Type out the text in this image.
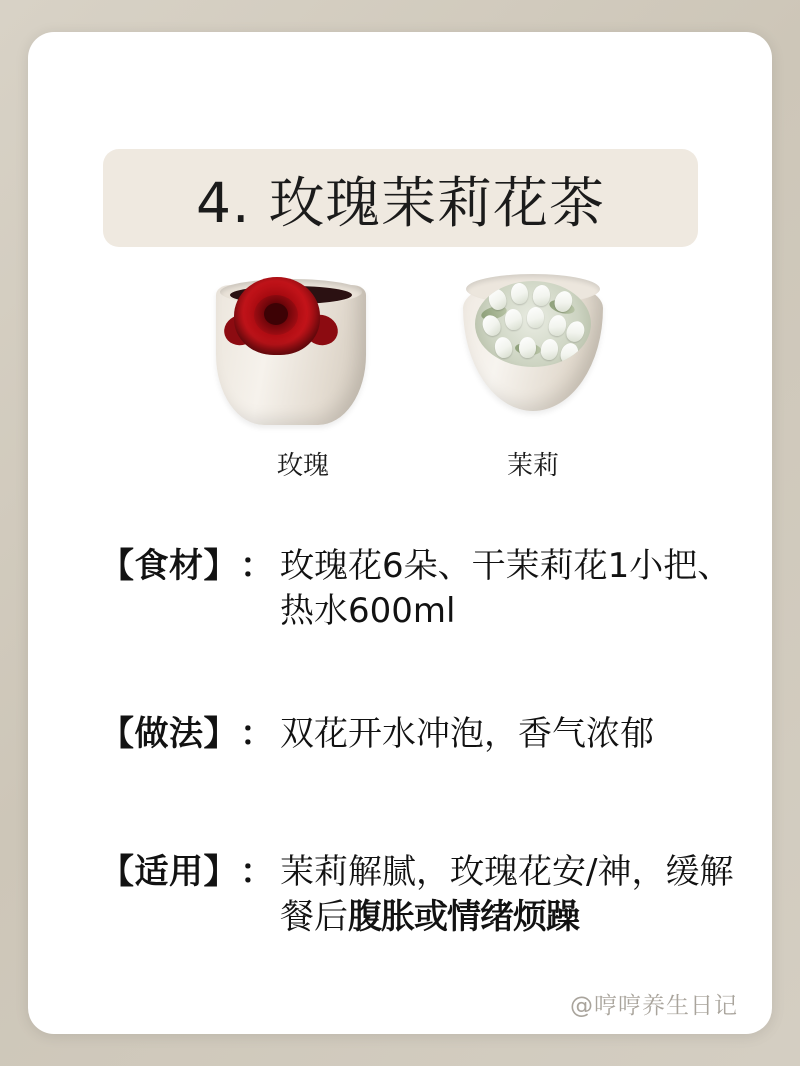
4. 玫瑰茉莉花茶
玫瑰	茉莉
【食材】 ： 玫瑰花6朵、干茉莉花1小把、
热水600ml
【做法】 ： 双花开水冲泡，香气浓郁
【适用】 ： 茉莉解腻，玫瑰花安/神，缓解
餐后腹胀或情绪烦躁
@哼哼养生日记
